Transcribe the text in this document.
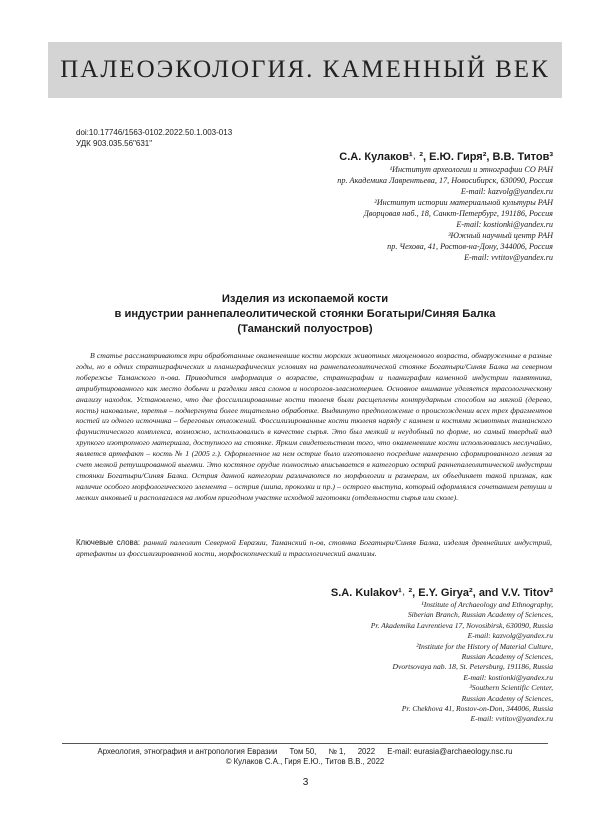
ПАЛЕОЭКОЛОГИЯ. КАМЕННЫЙ ВЕК
doi:10.17746/1563-0102.2022.50.1.003-013
УДК 903.035.56"631"
С.А. Кулаков¹˒ ², Е.Ю. Гиря², В.В. Титов³
¹Институт археологии и этнографии СО РАН
пр. Академика Лаврентьева, 17, Новосибирск, 630090, Россия
E-mail: kazvolg@yandex.ru
²Институт истории материальной культуры РАН
Дворцовая наб., 18, Санкт-Петербург, 191186, Россия
E-mail: kostionki@yandex.ru
³Южный научный центр РАН
пр. Чехова, 41, Ростов-на-Дону, 344006, Россия
E-mail: vvtitov@yandex.ru
Изделия из ископаемой кости
в индустрии раннепалеолитической стоянки Богатыри/Синяя Балка
(Таманский полуостров)

В статье рассматриваются три обработанные окаменевшие кости морских животных миоценового возраста, обнаруженные в разные годы, но в одних стратиграфических и планиграфических условиях на раннепалеолитической стоянке Богатыри/Синяя Балка на северном побережье Таманского п-ова. Приводится информация о возрасте, стратиграфии и планиграфии каменной индустрии памятника, атрибутированного как место добычи и разделки мяса слонов и носорогов-эласмотериев. Основное внимание уделяется трасологическому анализу находок. Установлено, что две фоссилизированные кости тюленя были расщеплены контрударным способом на мягкой (дерево, кость) наковальне, третья – подвергнута более тщательно обработке. Выдвинуто предположение о происхождении всех трех фрагментов костей из одного источника – береговых отложений. Фоссилизированные кости тюленя наряду с камнем и костями животных таманского фаунистического комплекса, возможно, использовались в качестве сырья. Это был мелкий и неудобный по форме, но самый твердый вид хрупкого изотропного материала, доступного на стоянке. Ярким свидетельством того, что окаменевшие кости использовались неслучайно, является артефакт – кость № 1 (2005 г.). Оформленное на нем острие было изготовлено посредине намеренно сформированного лезвия за счет мелкой ретушированной выемки. Это костяное орудие полностью вписывается в категорию острий раннепалеолитической индустрии стоянки Богатыри/Синяя Балка. Острия данной категории различаются по морфологии и размерам, их объединяет такой признак, как наличие особого морфологического элемента – острия (шипа, проколки и пр.) – острого выступа, который оформлялся сочетанием ретуши и мелких анковыей и располагался на любом пригодном участке исходной заготовки (отдельности сырья или сколе).

Ключевые слова: ранний палеолит Северной Евразии, Таманский п-ов, стоянка Богатыри/Синяя Балка, изделия древнейших индустрий, артефакты из фоссилизированной кости, морфоскопический и трасологический анализы.
S.A. Kulakov¹˒ ², E.Y. Girya², and V.V. Titov³
¹Institute of Archaeology and Ethnography,
Siberian Branch, Russian Academy of Sciences,
Pr. Akademika Lavrentieva 17, Novosibirsk, 630090, Russia
E-mail: kazvolg@yandex.ru
²Institute for the History of Material Culture,
Russian Academy of Sciences,
Dvortsovaya nab. 18, St. Petersburg, 191186, Russia
E-mail: kostionki@yandex.ru
³Southern Scientific Center,
Russian Academy of Sciences,
Pr. Chekhova 41, Rostov-on-Don, 344006, Russia
E-mail: vvtitov@yandex.ru
Археология, этнография и антропология Евразии Том 50, № 1, 2022 E-mail: eurasia@archaeology.nsc.ru
© Кулаков С.А., Гиря Е.Ю., Титов В.В., 2022
3
